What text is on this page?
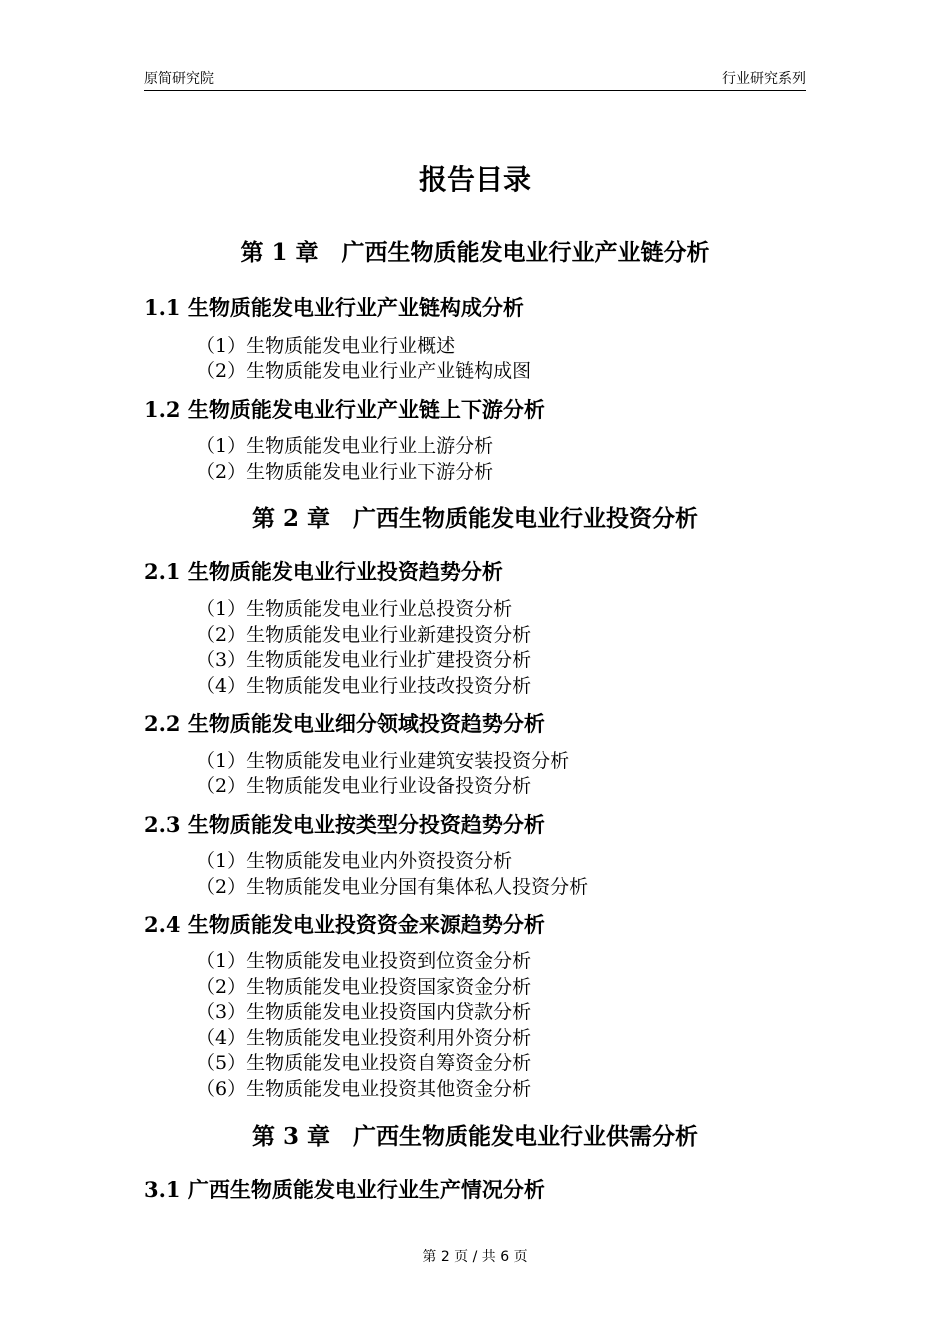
原简研究院	行业研究系列
报告目录
第 1 章　广西生物质能发电业行业产业链分析
1.1 生物质能发电业行业产业链构成分析
（1）生物质能发电业行业概述
（2）生物质能发电业行业产业链构成图
1.2 生物质能发电业行业产业链上下游分析
（1）生物质能发电业行业上游分析
（2）生物质能发电业行业下游分析
第 2 章　广西生物质能发电业行业投资分析
2.1 生物质能发电业行业投资趋势分析
（1）生物质能发电业行业总投资分析
（2）生物质能发电业行业新建投资分析
（3）生物质能发电业行业扩建投资分析
（4）生物质能发电业行业技改投资分析
2.2 生物质能发电业细分领域投资趋势分析
（1）生物质能发电业行业建筑安装投资分析
（2）生物质能发电业行业设备投资分析
2.3 生物质能发电业按类型分投资趋势分析
（1）生物质能发电业内外资投资分析
（2）生物质能发电业分国有集体私人投资分析
2.4 生物质能发电业投资资金来源趋势分析
（1）生物质能发电业投资到位资金分析
（2）生物质能发电业投资国家资金分析
（3）生物质能发电业投资国内贷款分析
（4）生物质能发电业投资利用外资分析
（5）生物质能发电业投资自筹资金分析
（6）生物质能发电业投资其他资金分析
第 3 章　广西生物质能发电业行业供需分析
3.1 广西生物质能发电业行业生产情况分析
第 2 页 / 共 6 页
